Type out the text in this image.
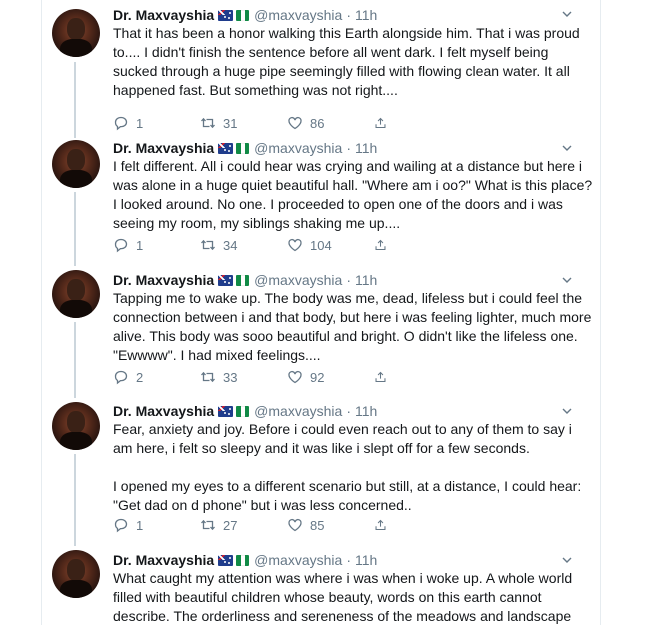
Dr. Maxvayshia	@maxvayshia · 11h

That it has been a honor walking this Earth alongside him. That i was proud to.... I didn't finish the sentence before all went dark. I felt myself being sucked through a huge pipe seemingly filled with flowing clean water. It all happened fast. But something was not right....

1	31	86
Dr. Maxvayshia	@maxvayshia · 11h

I felt different. All i could hear was crying and wailing at a distance but here i was alone in a huge quiet beautiful hall. "Where am i oo?" What is this place? I looked around. No one. I proceeded to open one of the doors and i was seeing my room, my siblings shaking me up....

1	34	104
Dr. Maxvayshia	@maxvayshia · 11h

Tapping me to wake up. The body was me, dead, lifeless but i could feel the connection between i and that body, but here i was feeling lighter, much more alive. This body was sooo beautiful and bright. O didn't like the lifeless one. "Ewwww". I had mixed feelings....

2	33	92
Dr. Maxvayshia	@maxvayshia · 11h

Fear, anxiety and joy. Before i could even reach out to any of them to say i am here, i felt so sleepy and it was like i slept off for a few seconds.

I opened my eyes to a different scenario but still, at a distance, I could hear: "Get dad on d phone" but i was less concerned..

1	27	85
Dr. Maxvayshia	@maxvayshia · 11h

What caught my attention was where i was when i woke up. A whole world filled with beautiful children whose beauty, words on this earth cannot describe. The orderliness and sereneness of the meadows and landscape
